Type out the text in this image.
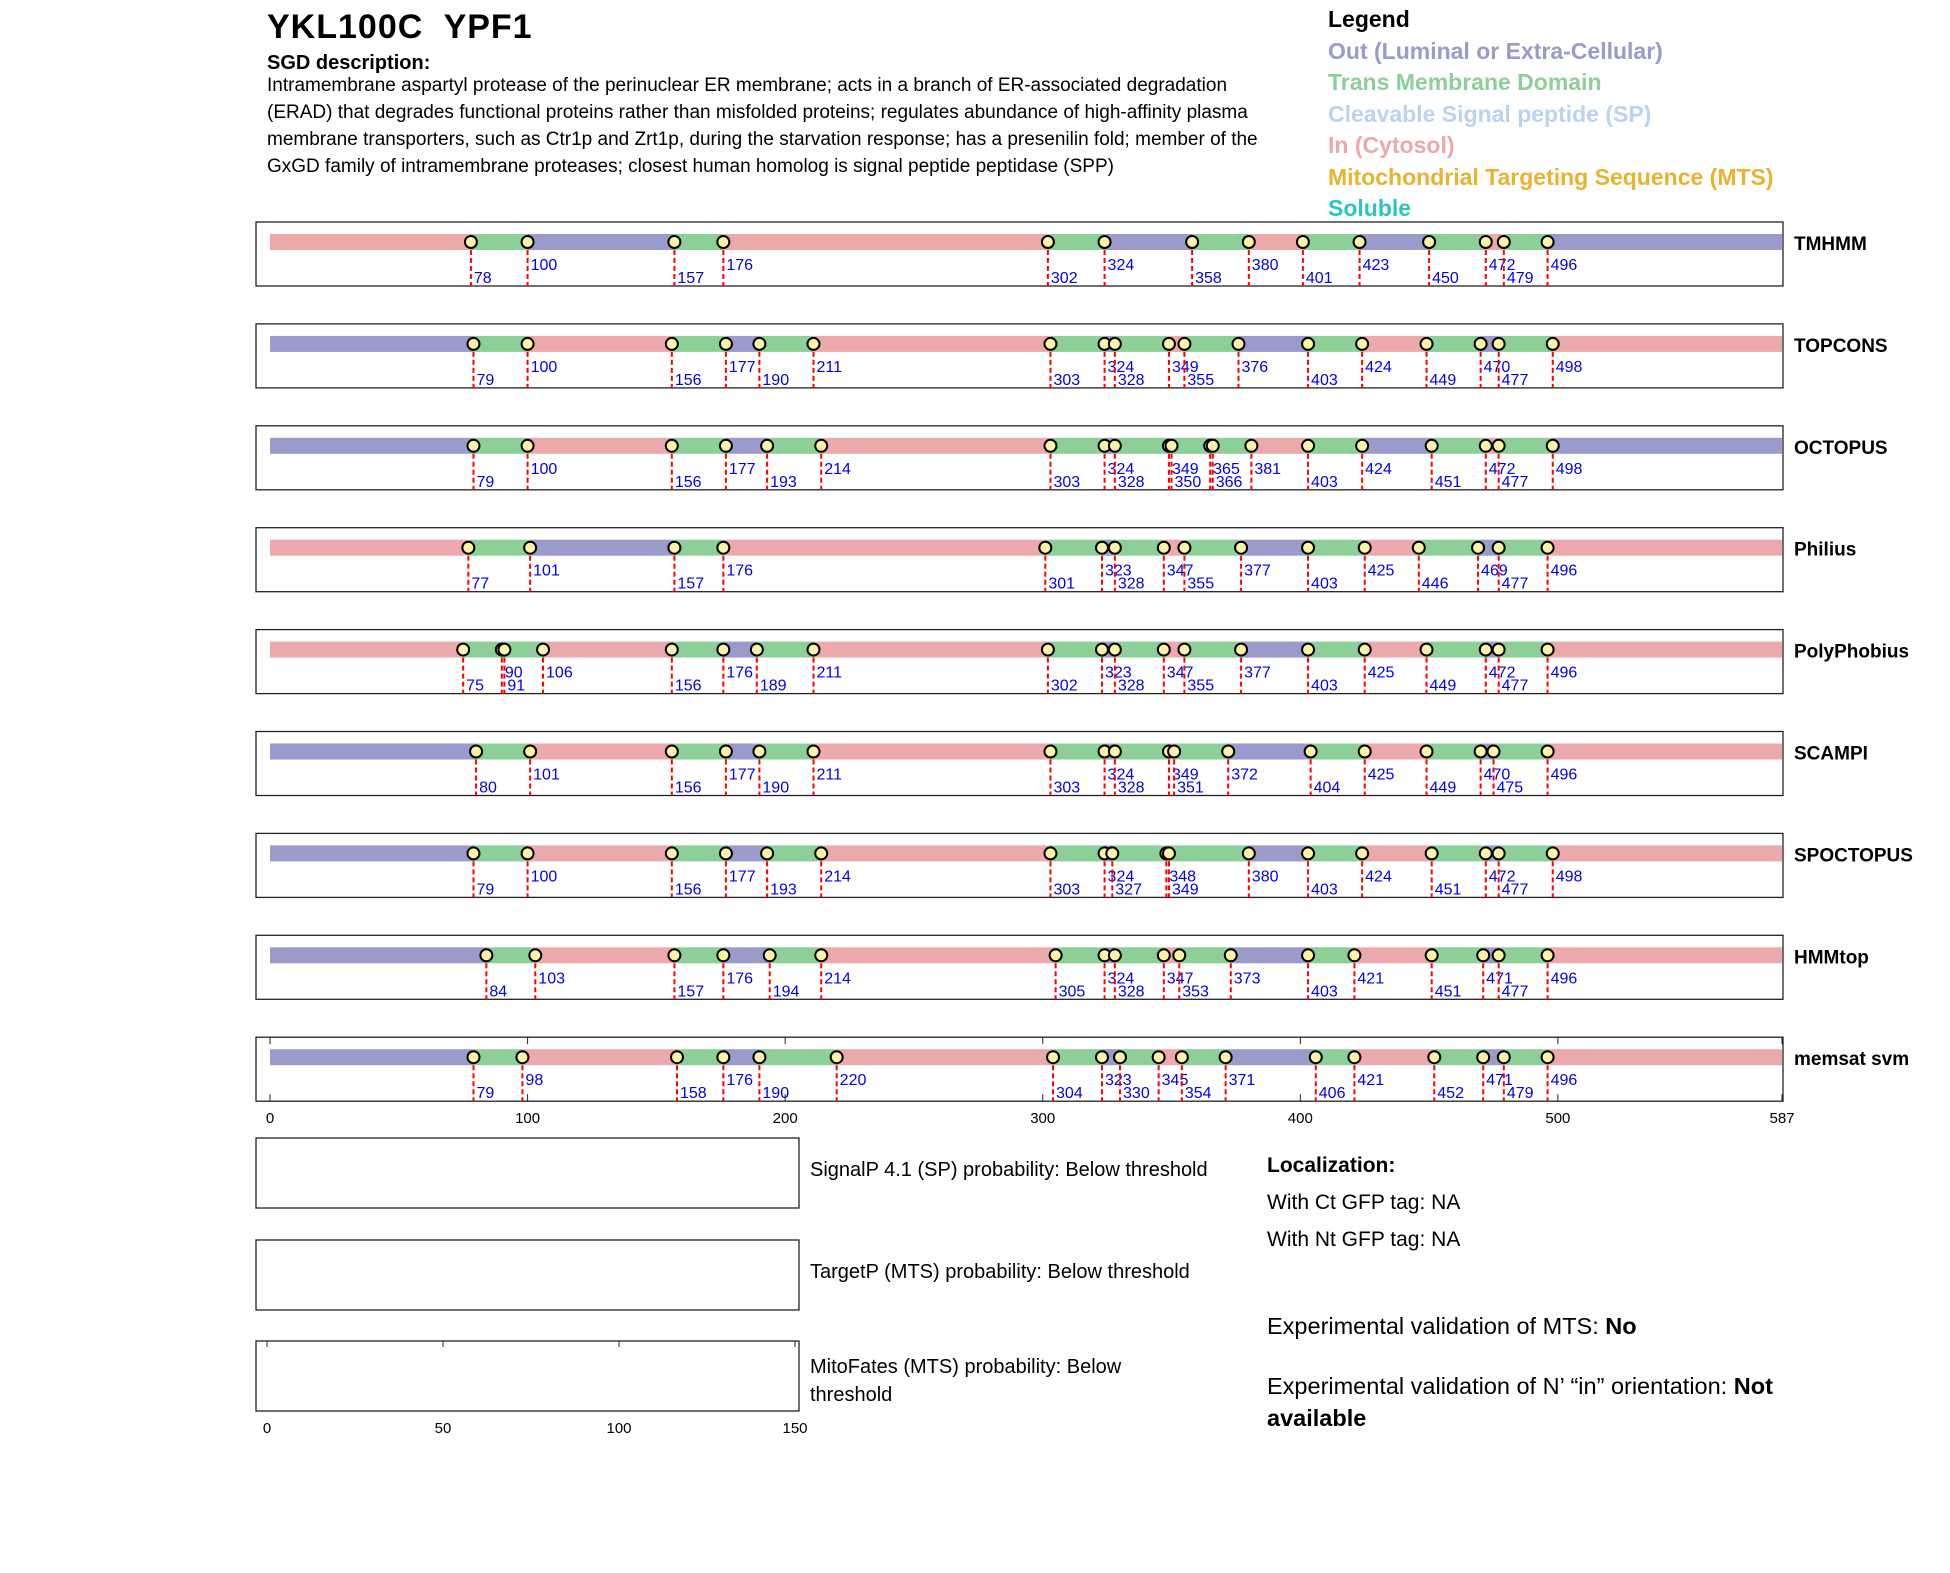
YKL100C YPF1
SGD description:
Intramembrane aspartyl protease of the perinuclear ER membrane; acts in a branch of ER-associated degradation (ERAD) that degrades functional proteins rather than misfolded proteins; regulates abundance of high-affinity plasma membrane transporters, such as Ctr1p and Zrt1p, during the starvation response; has a presenilin fold; member of the GxGD family of intramembrane proteases; closest human homolog is signal peptide peptidase (SPP)
Legend
Out (Luminal or Extra-Cellular)
Trans Membrane Domain
Cleavable Signal peptide (SP)
In (Cytosol)
Mitochondrial Targeting Sequence (MTS)
Soluble
78
100
157
176
302
324
358
380
401
423
450
472
479
496
TMHMM
79
100
156
177
190
211
303
324
328
349
355
376
403
424
449
470
477
498
TOPCONS
79
100
156
177
193
214
303
324
328
349
350
365
366
381
403
424
451
472
477
498
OCTOPUS
77
101
157
176
301
323
328
347
355
377
403
425
446
469
477
496
Philius
75
90
91
106
156
176
189
211
302
323
328
347
355
377
403
425
449
472
477
496
PolyPhobius
80
101
156
177
190
211
303
324
328
349
351
372
404
425
449
470
475
496
SCAMPI
79
100
156
177
193
214
303
324
327
348
349
380
403
424
451
472
477
498
SPOCTOPUS
84
103
157
176
194
214
305
324
328
347
353
373
403
421
451
471
477
496
HMMtop
79
98
158
176
190
220
304
323
330
345
354
371
406
421
452
471
479
496
memsat svm
0	100	200	300	400	500	587
0	50	100	150
SignalP 4.1 (SP) probability: Below threshold
TargetP (MTS) probability: Below threshold
MitoFates (MTS) probability: Below threshold
Localization:
With Ct GFP tag: NA
With Nt GFP tag: NA
Experimental validation of MTS: No
Experimental validation of N’ “in” orientation: Not available
